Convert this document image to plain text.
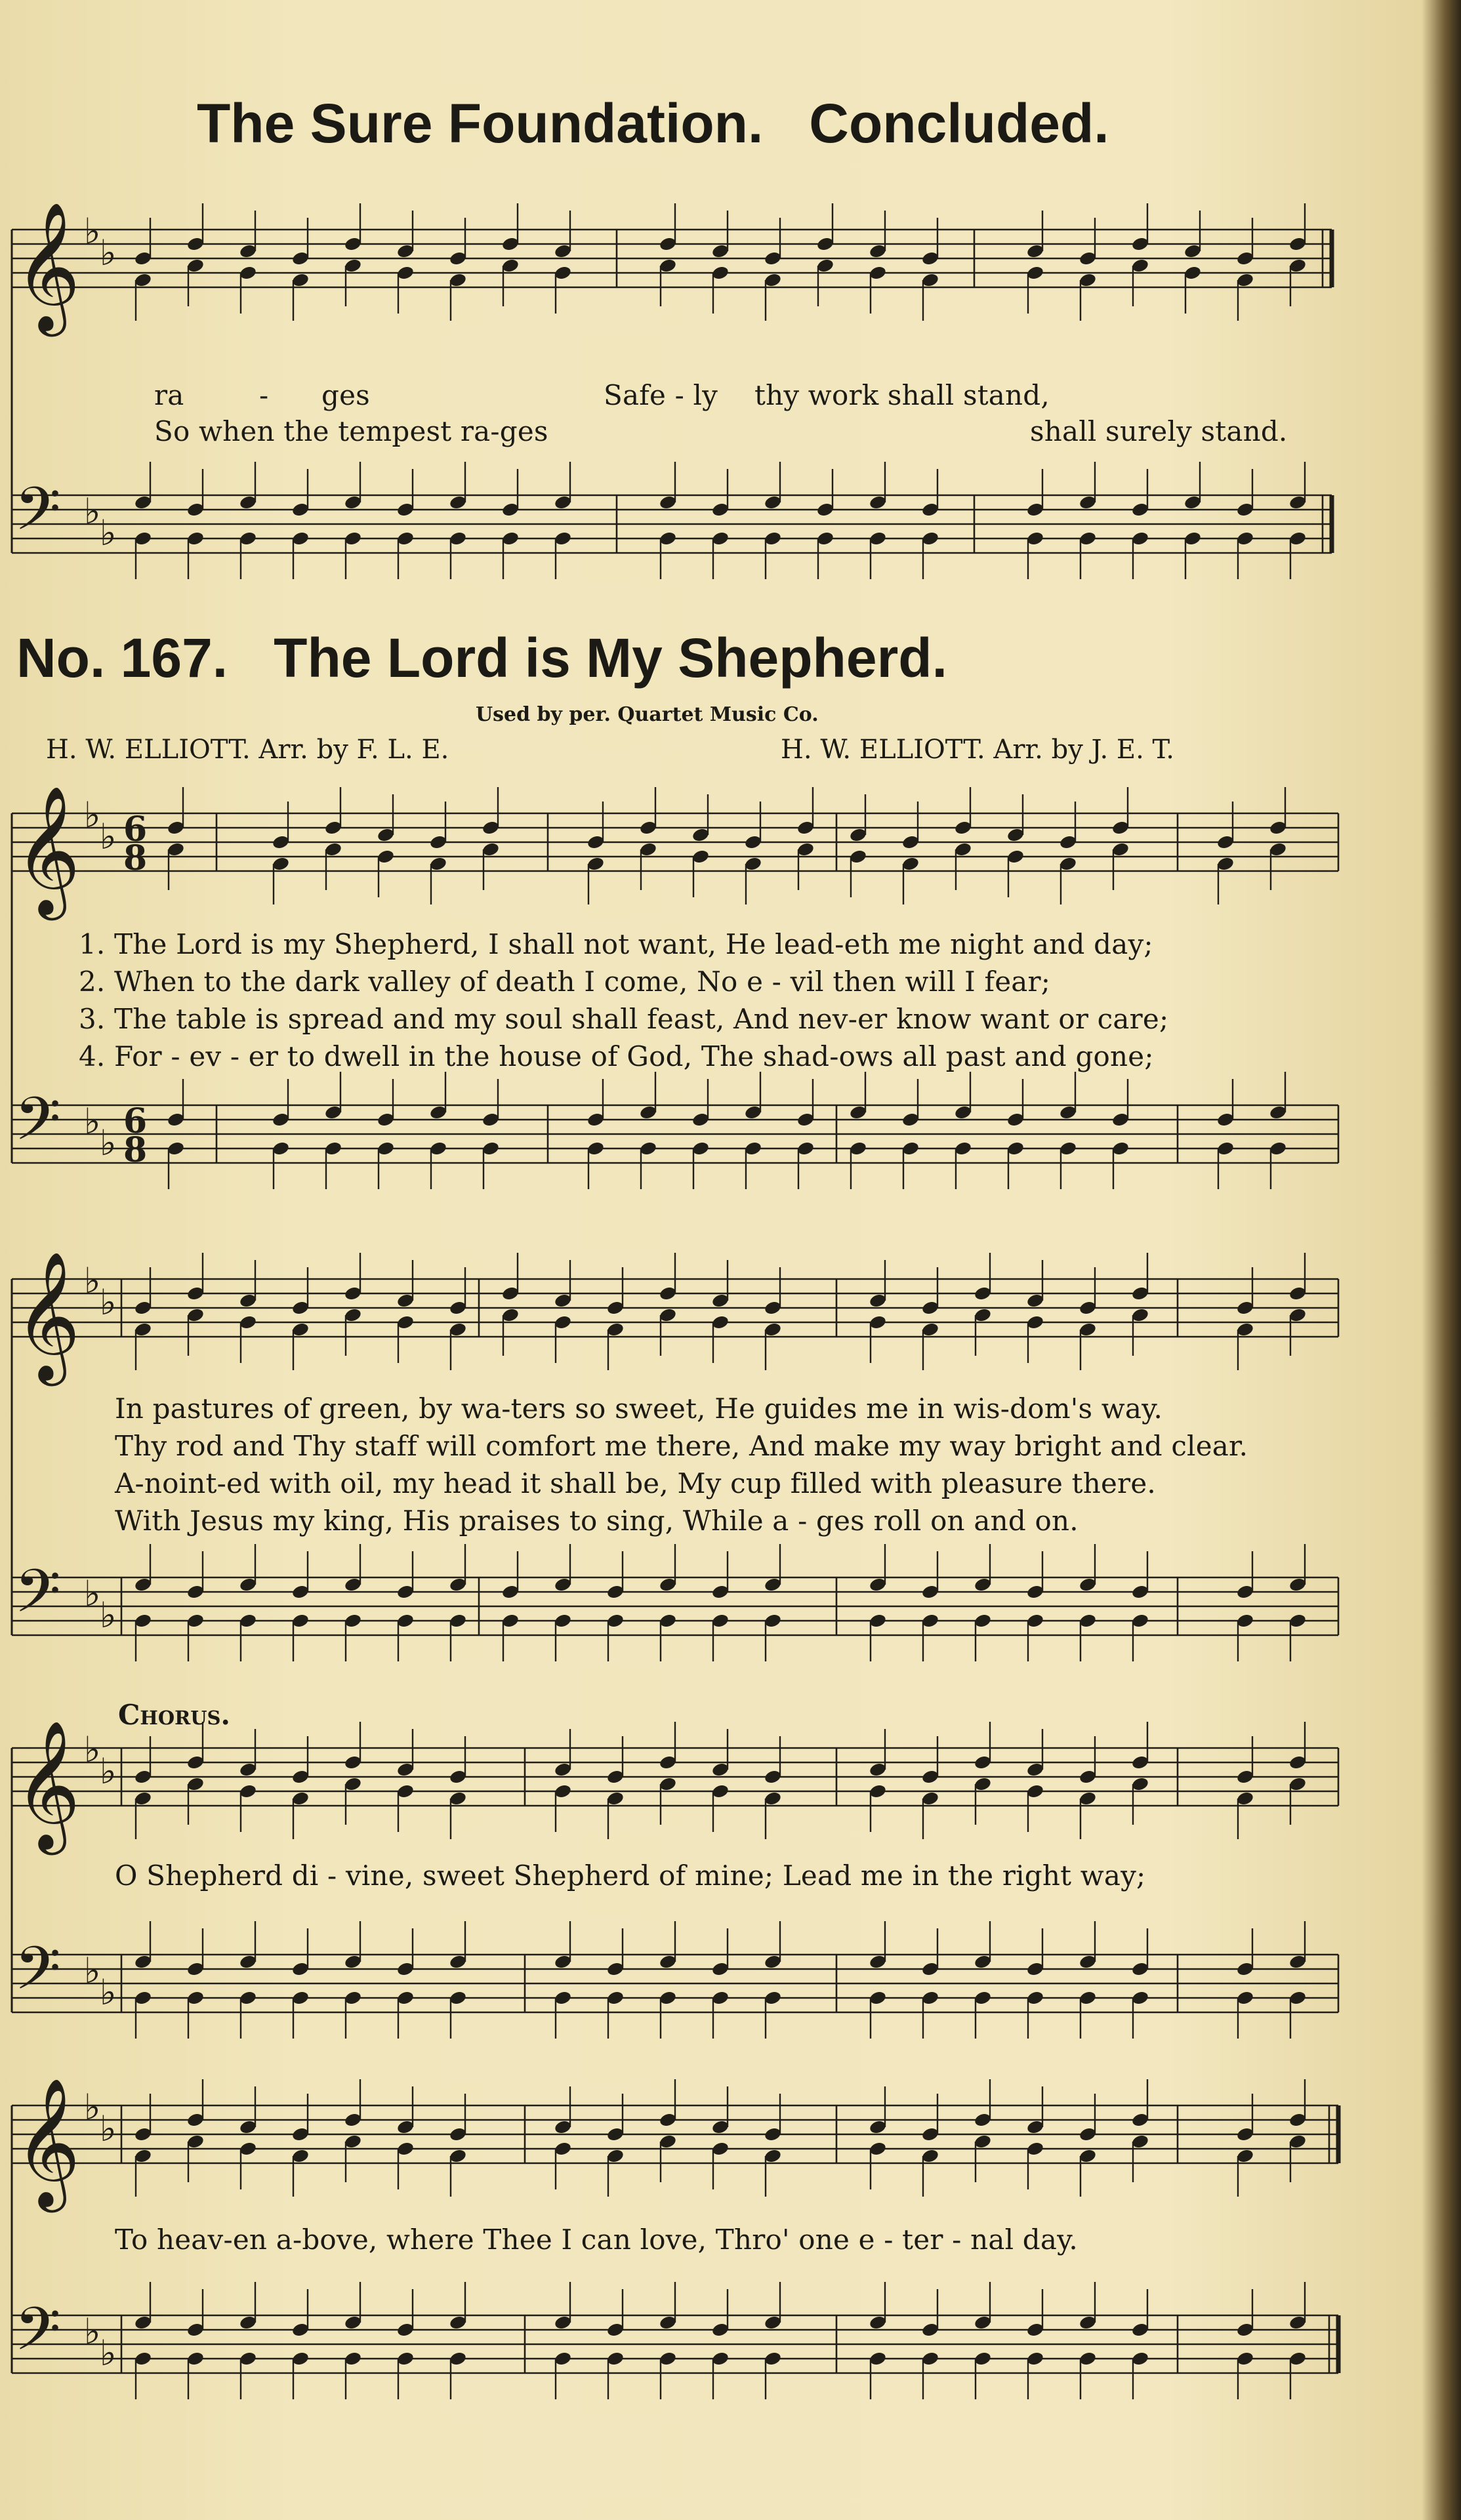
The Sure Foundation. Concluded.
𝄞
𝄢
♭
♭
♭
♭
𝄞
𝄢
♭
♭
♭
♭
6
8
6
8
𝄞
𝄢
♭
♭
♭
♭
𝄞
𝄢
♭
♭
♭
♭
𝄞
𝄢
♭
♭
♭
♭
ra	- ges	Safe - ly thy work shall stand,
So when the tempest ra-ges	shall surely stand.
No. 167. The Lord is My Shepherd.
Used by per. Quartet Music Co.
H. W. ELLIOTT. Arr. by F. L. E.	H. W. ELLIOTT. Arr. by J. E. T.
1. The Lord is my Shepherd, I shall not want, He lead-eth me night and day;
2. When to the dark valley of death I come, No e - vil then will I fear;
3. The table is spread and my soul shall feast, And nev-er know want or care;
4. For - ev - er to dwell in the house of God, The shad-ows all past and gone;
In pastures of green, by wa-ters so sweet, He guides me in wis-dom's way.
Thy rod and Thy staff will comfort me there, And make my way bright and clear.
A-noint-ed with oil, my head it shall be, My cup filled with pleasure there.
With Jesus my king, His praises to sing, While a - ges roll on and on.
Chorus.
O Shepherd di - vine, sweet Shepherd of mine; Lead me in the right way;
To heav-en a-bove, where Thee I can love, Thro' one e - ter - nal day.
